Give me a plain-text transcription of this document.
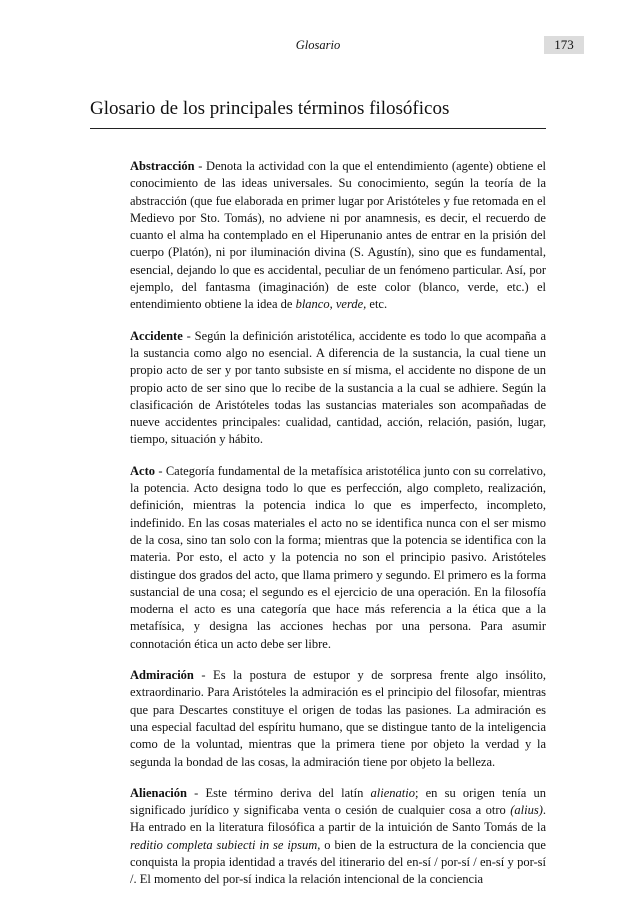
Glosario	173
Glosario de los principales términos filosóficos

Abstracción - Denota la actividad con la que el entendimiento (agente) obtiene el conocimiento de las ideas universales. Su conocimiento, según la teoría de la abstracción (que fue elaborada en primer lugar por Aristóteles y fue retomada en el Medievo por Sto. Tomás), no adviene ni por anamnesis, es decir, el recuerdo de cuanto el alma ha contemplado en el Hiperunanio antes de entrar en la prisión del cuerpo (Platón), ni por iluminación divina (S. Agustín), sino que es fundamental, esencial, dejando lo que es accidental, peculiar de un fenómeno particular. Así, por ejemplo, del fantasma (imaginación) de este color (blanco, verde, etc.) el entendimiento obtiene la idea de blanco, verde, etc.

Accidente - Según la definición aristotélica, accidente es todo lo que acompaña a la sustancia como algo no esencial. A diferencia de la sustancia, la cual tiene un propio acto de ser y por tanto subsiste en sí misma, el accidente no dispone de un propio acto de ser sino que lo recibe de la sustancia a la cual se adhiere. Según la clasificación de Aristóteles todas las sustancias materiales son acompañadas de nueve accidentes principales: cualidad, cantidad, acción, relación, pasión, lugar, tiempo, situación y hábito.

Acto - Categoría fundamental de la metafísica aristotélica junto con su correlativo, la potencia. Acto designa todo lo que es perfección, algo completo, realización, definición, mientras la potencia indica lo que es imperfecto, incompleto, indefinido. En las cosas materiales el acto no se identifica nunca con el ser mismo de la cosa, sino tan solo con la forma; mientras que la potencia se identifica con la materia. Por esto, el acto y la potencia no son el principio pasivo. Aristóteles distingue dos grados del acto, que llama primero y segundo. El primero es la forma sustancial de una cosa; el segundo es el ejercicio de una operación. En la filosofía moderna el acto es una categoría que hace más referencia a la ética que a la metafísica, y designa las acciones hechas por una persona. Para asumir connotación ética un acto debe ser libre.

Admiración - Es la postura de estupor y de sorpresa frente algo insólito, extraordinario. Para Aristóteles la admiración es el principio del filosofar, mientras que para Descartes constituye el origen de todas las pasiones. La admiración es una especial facultad del espíritu humano, que se distingue tanto de la inteligencia como de la voluntad, mientras que la primera tiene por objeto la verdad y la segunda la bondad de las cosas, la admiración tiene por objeto la belleza.

Alienación - Este término deriva del latín alienatio; en su origen tenía un significado jurídico y significaba venta o cesión de cualquier cosa a otro (alius). Ha entrado en la literatura filosófica a partir de la intuición de Santo Tomás de la reditio completa subiecti in se ipsum, o bien de la estructura de la conciencia que conquista la propia identidad a través del itinerario del en-sí / por-sí / en-sí y por-sí /. El momento del por-sí indica la relación intencional de la conciencia
